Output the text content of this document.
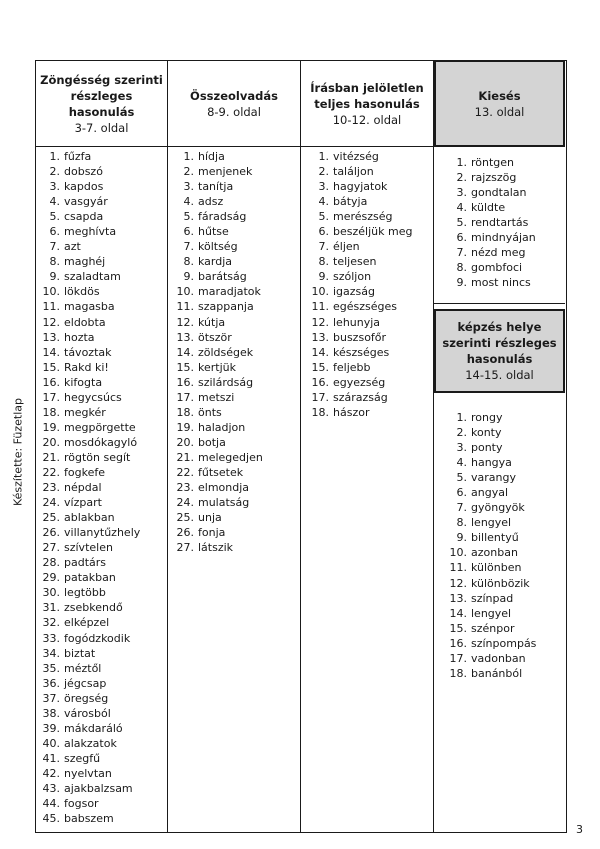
Készítette: Füzetlap
3
Zöngésség szerinti
részleges
hasonulás
3-7. oldal
1. fűzfa
2. dobszó
3. kapdos
4. vasgyár
5. csapda
6. meghívta
7. azt
8. maghéj
9. szaladtam
10. lökdös
11. magasba
12. eldobta
13. hozta
14. távoztak
15. Rakd ki!
16. kifogta
17. hegycsúcs
18. megkér
19. megpörgette
20. mosdókagyló
21. rögtön segít
22. fogkefe
23. népdal
24. vízpart
25. ablakban
26. villanytűzhely
27. szívtelen
28. padtárs
29. patakban
30. legtöbb
31. zsebkendő
32. elképzel
33. fogódzkodik
34. biztat
35. méztől
36. jégcsap
37. öregség
38. városból
39. mákdaráló
40. alakzatok
41. szegfű
42. nyelvtan
43. ajakbalzsam
44. fogsor
45. babszem
Összeolvadás
8-9. oldal
1. hídja
2. menjenek
3. tanítja
4. adsz
5. fáradság
6. hűtse
7. költség
8. kardja
9. barátság
10. maradjatok
11. szappanja
12. kútja
13. ötször
14. zöldségek
15. kertjük
16. szilárdság
17. metszi
18. önts
19. haladjon
20. botja
21. melegedjen
22. fűtsetek
23. elmondja
24. mulatság
25. unja
26. fonja
27. látszik
Írásban jelöletlen
teljes hasonulás
10-12. oldal
1. vitézség
2. találjon
3. hagyjatok
4. bátyja
5. merészség
6. beszéljük meg
7. éljen
8. teljesen
9. szóljon
10. igazság
11. egészséges
12. lehunyja
13. buszsofőr
14. készséges
15. feljebb
16. egyezség
17. szárazság
18. hászor
Kiesés
13. oldal
1. röntgen
2. rajzszög
3. gondtalan
4. küldte
5. rendtartás
6. mindnyájan
7. nézd meg
8. gombfoci
9. most nincs
képzés helye
szerinti részleges
hasonulás
14-15. oldal
1. rongy
2. konty
3. ponty
4. hangya
5. varangy
6. angyal
7. gyöngyök
8. lengyel
9. billentyű
10. azonban
11. különben
12. különbözik
13. színpad
14. lengyel
15. szénpor
16. színpompás
17. vadonban
18. banánból
